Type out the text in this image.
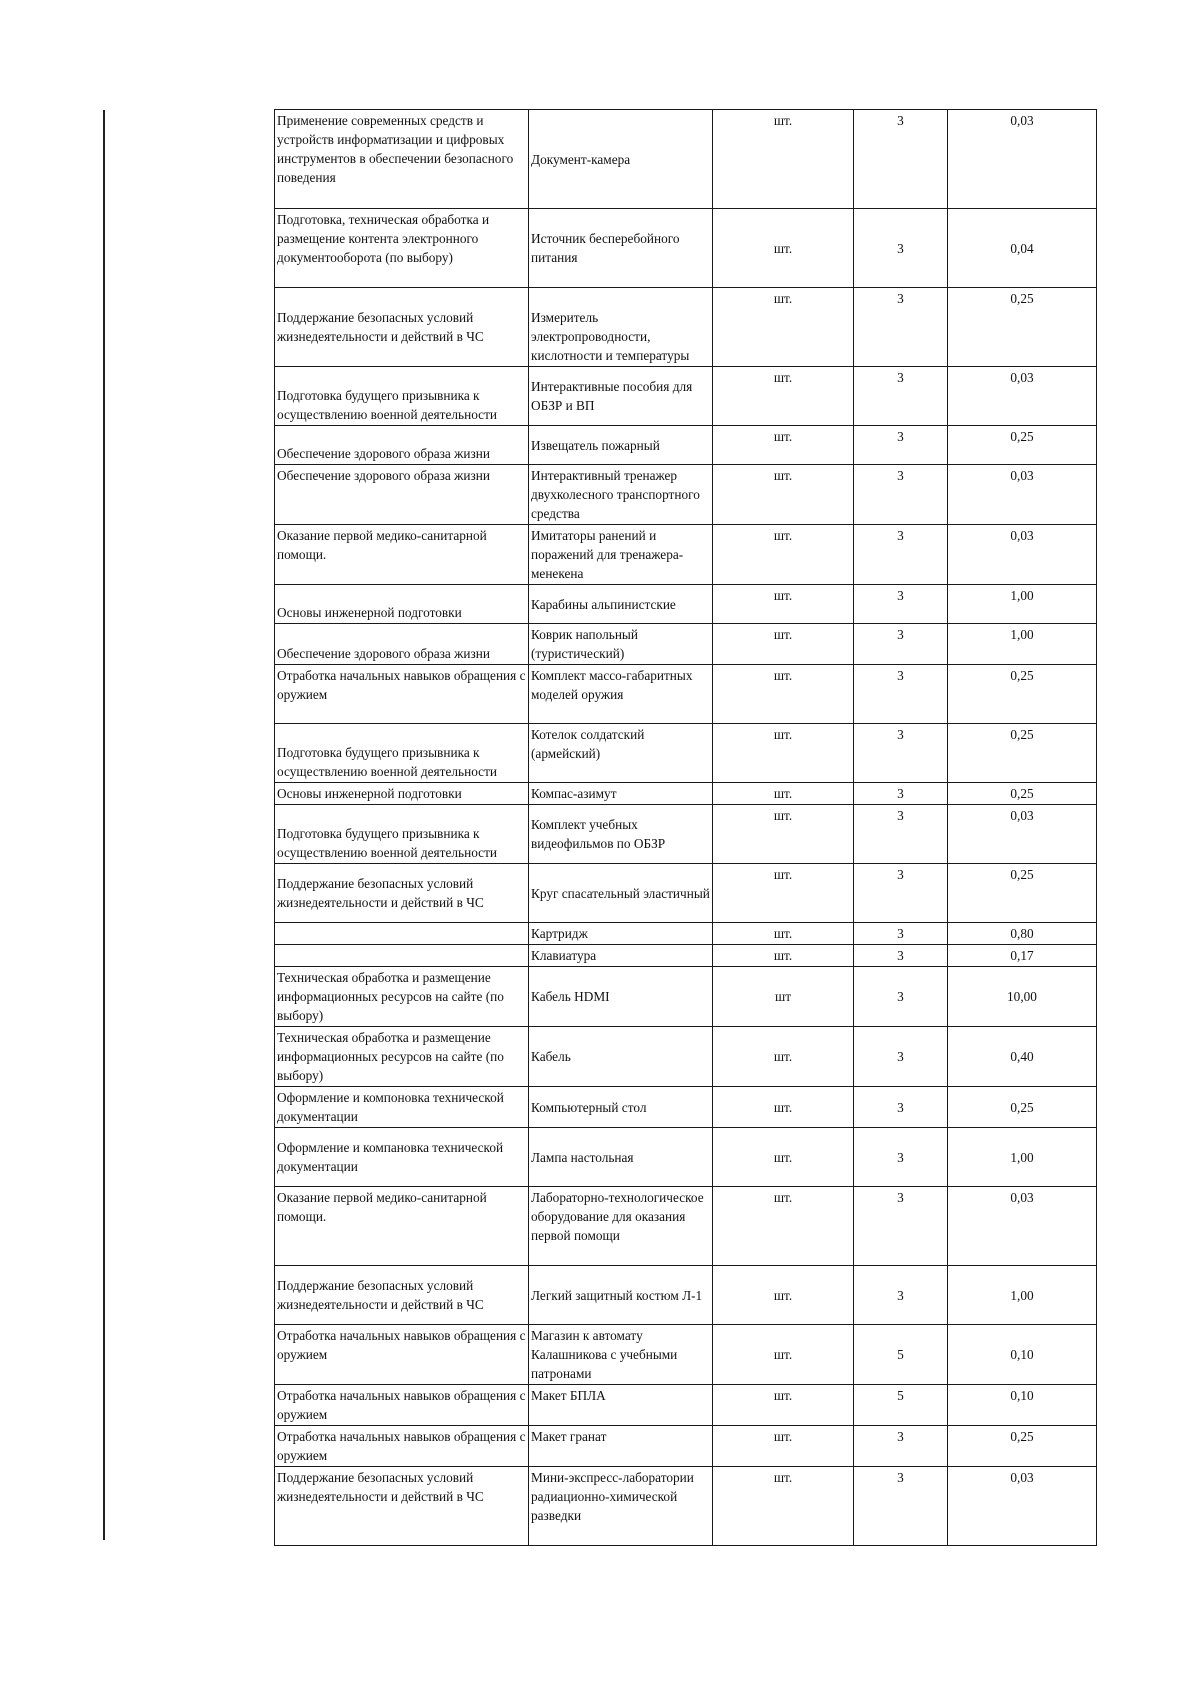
Применение современных средств и устройств информатизации и цифровых инструментов в обеспечении безопасного поведения	Документ-камера	шт.	3	0,03
Подготовка, техническая обработка и размещение контента электронного документооборота (по выбору)	Источник бесперебойного питания	шт.	3	0,04
Поддержание безопасных условий жизнедеятельности и действий в ЧС	Измеритель электропроводности, кислотности и температуры	шт.	3	0,25
Подготовка будущего призывника к осуществлению военной деятельности	Интерактивные пособия для ОБЗР и ВП	шт.	3	0,03
Обеспечение здорового образа жизни	Извещатель пожарный	шт.	3	0,25
Обеспечение здорового образа жизни	Интерактивный тренажер двухколесного транспортного средства	шт.	3	0,03
Оказание первой медико-санитарной помощи.	Имитаторы ранений и поражений для тренажера-менекена	шт.	3	0,03
Основы инженерной подготовки	Карабины альпинистские	шт.	3	1,00
Обеспечение здорового образа жизни	Коврик напольный (туристический)	шт.	3	1,00
Отработка начальных навыков обращения с оружием	Комплект массо-габаритных моделей оружия	шт.	3	0,25
Подготовка будущего призывника к осуществлению военной деятельности	Котелок солдатский (армейский)	шт.	3	0,25
Основы инженерной подготовки	Компас-азимут	шт.	3	0,25
Подготовка будущего призывника к осуществлению военной деятельности	Комплект учебных видеофильмов по ОБЗР	шт.	3	0,03
Поддержание безопасных условий жизнедеятельности и действий в ЧС	Круг спасательный эластичный	шт.	3	0,25
	Картридж	шт.	3	0,80
	Клавиатура	шт.	3	0,17
Техническая обработка и размещение информационных ресурсов на сайте (по выбору)	Кабель HDMI	шт	3	10,00
Техническая обработка и размещение информационных ресурсов на сайте (по выбору)	Кабель	шт.	3	0,40
Оформление и компоновка технической документации	Компьютерный стол	шт.	3	0,25
Оформление и компановка технической документации	Лампа настольная	шт.	3	1,00
Оказание первой медико-санитарной помощи.	Лабораторно-технологическое оборудование для оказания первой помощи	шт.	3	0,03
Поддержание безопасных условий жизнедеятельности и действий в ЧС	Легкий защитный костюм Л-1	шт.	3	1,00
Отработка начальных навыков обращения с оружием	Магазин к автомату Калашникова с учебными патронами	шт.	5	0,10
Отработка начальных навыков обращения с оружием	Макет БПЛА	шт.	5	0,10
Отработка начальных навыков обращения с оружием	Макет гранат	шт.	3	0,25
Поддержание безопасных условий жизнедеятельности и действий в ЧС	Мини-экспресс-лаборатории радиационно-химической разведки	шт.	3	0,03
